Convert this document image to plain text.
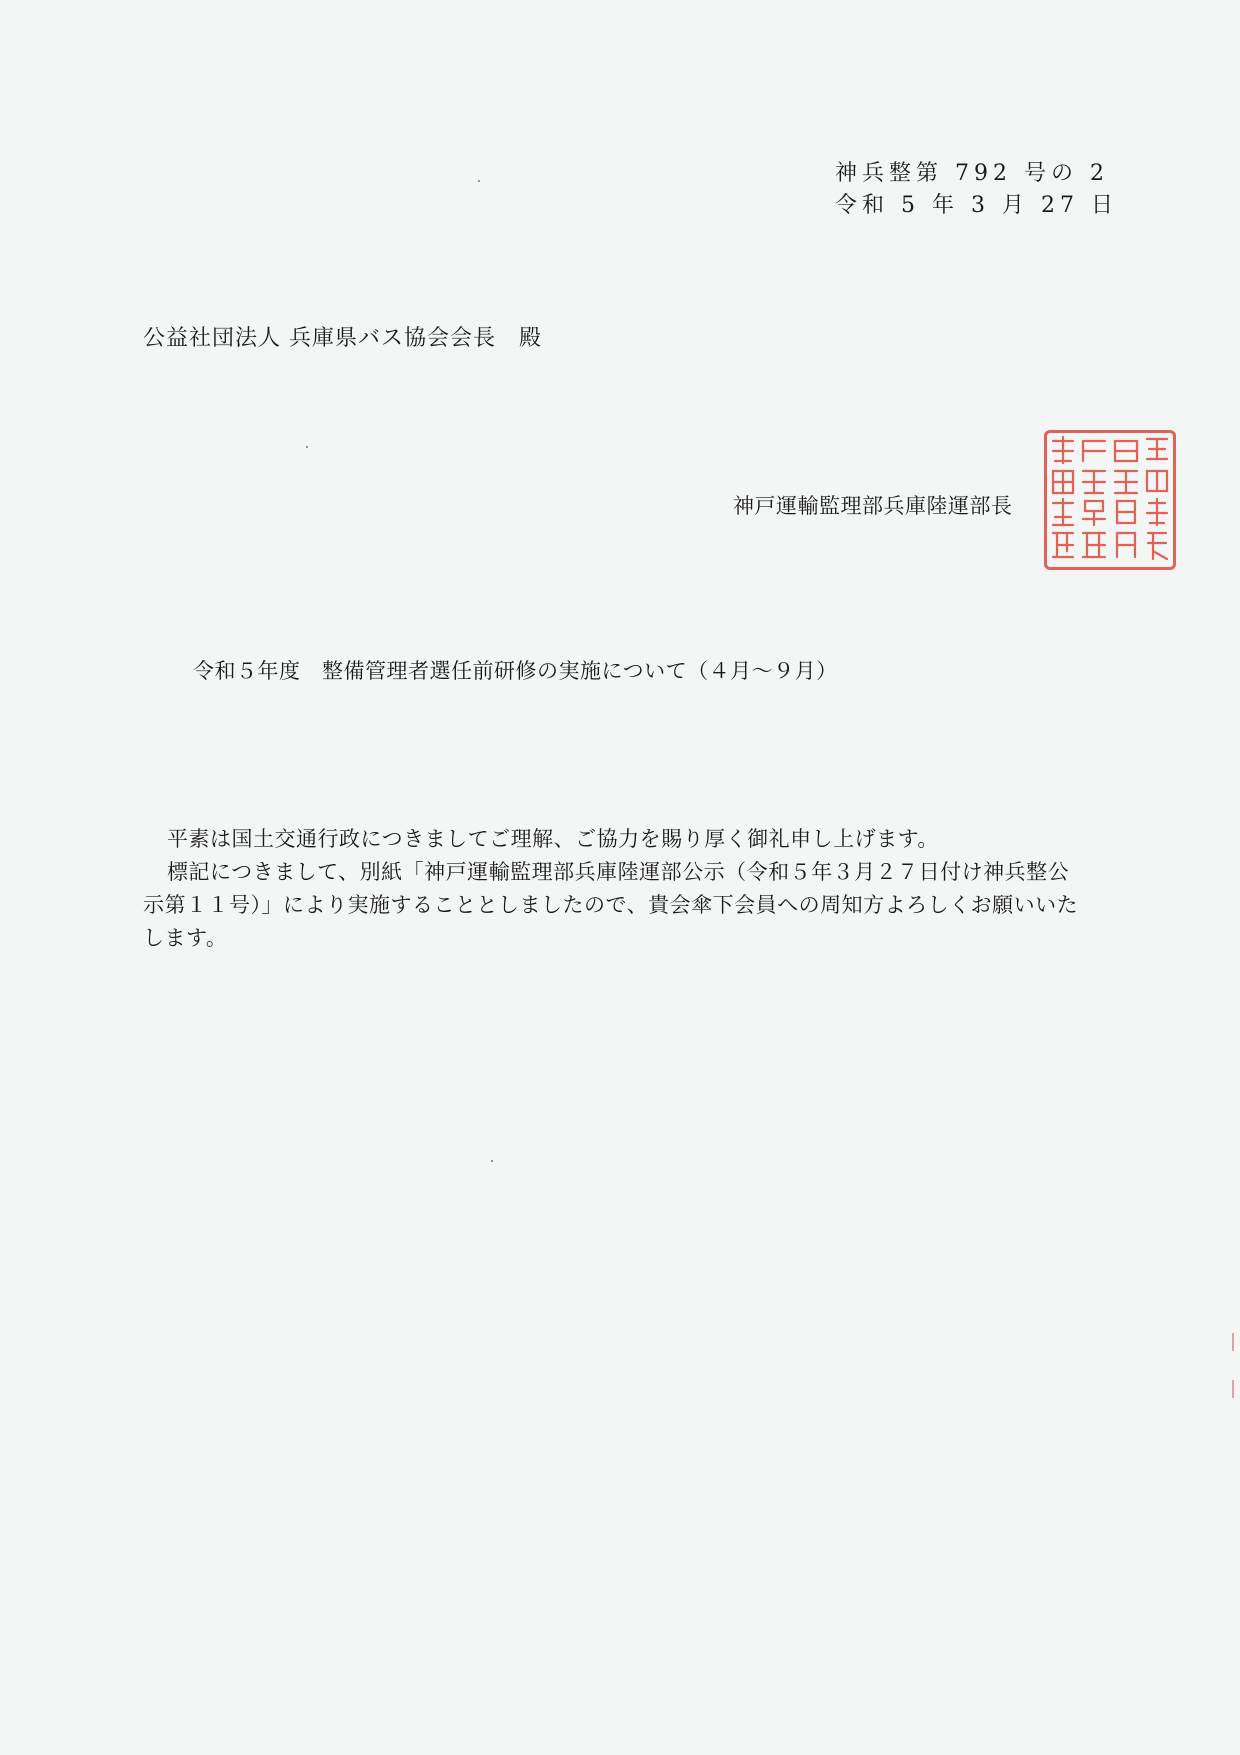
神兵整第 792 号の 2
令和 5 年 3 月 27 日
公益社団法人 兵庫県バス協会会長　殿
神戸運輸監理部兵庫陸運部長
令和５年度　整備管理者選任前研修の実施について（４月～９月）

平素は国土交通行政につきましてご理解、ご協力を賜り厚く御礼申し上げます。

標記につきまして、別紙「神戸運輸監理部兵庫陸運部公示（令和５年３月２７日付け神兵整公示第１１号）」により実施することとしましたので、貴会傘下会員への周知方よろしくお願いいたします。
